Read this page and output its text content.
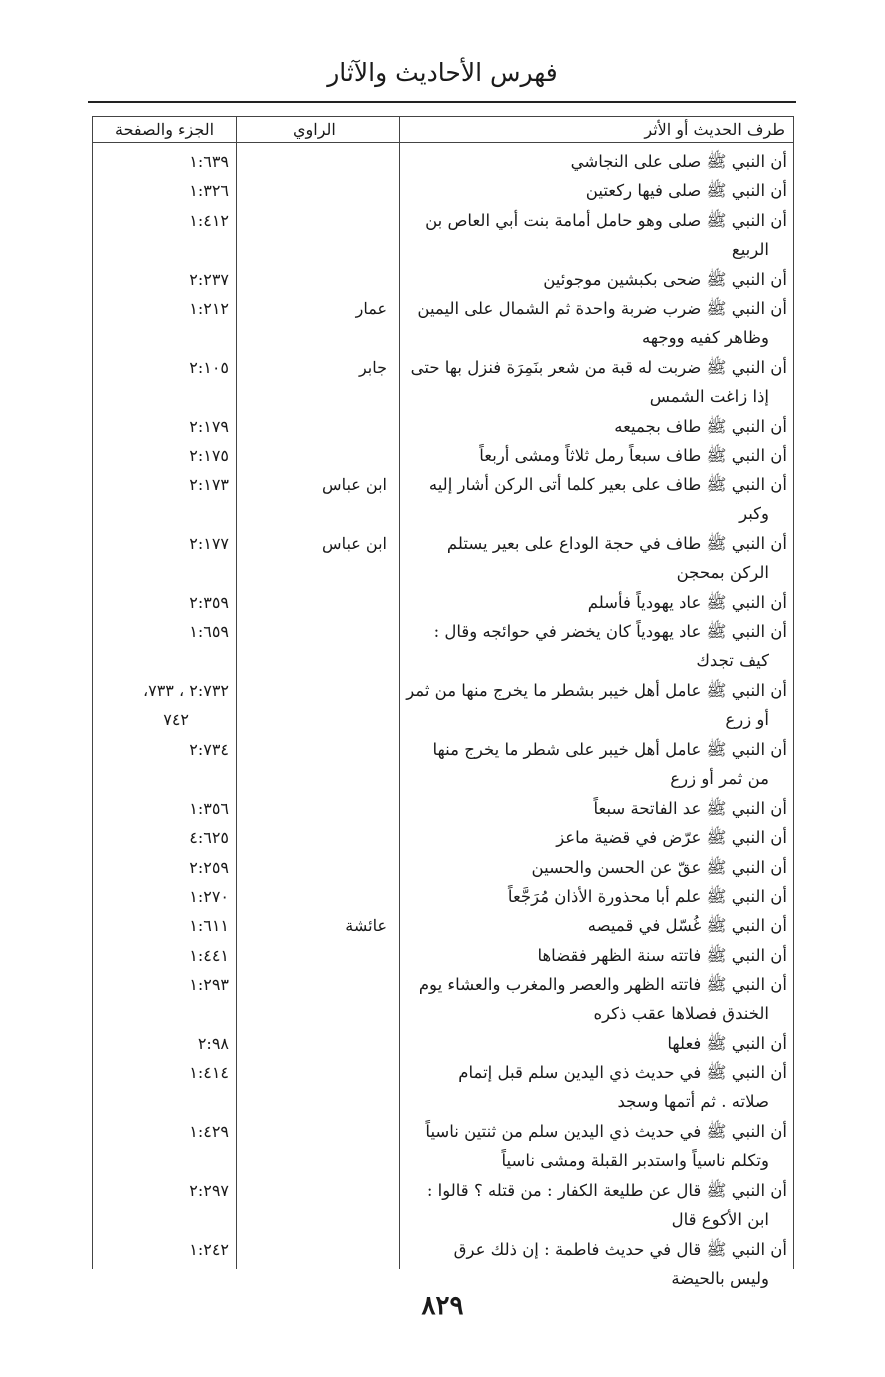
فهرس الأحاديث والآثار
طرف الحديث أو الأثر
الراوي
الجزء والصفحة
أن النبي ﷺ صلى على النجاشي
١:٦٣٩
أن النبي ﷺ صلى فيها ركعتين
١:٣٢٦
أن النبي ﷺ صلى وهو حامل أمامة بنت أبي العاص بن
الربيع
١:٤١٢
أن النبي ﷺ ضحى بكبشين موجوئين
٢:٢٣٧
أن النبي ﷺ ضرب ضربة واحدة ثم الشمال على اليمين
وظاهر كفيه ووجهه
عمار
١:٢١٢
أن النبي ﷺ ضربت له قبة من شعر بنَمِرَة فنزل بها حتى
إذا زاغت الشمس
جابر
٢:١٠٥
أن النبي ﷺ طاف بجميعه
٢:١٧٩
أن النبي ﷺ طاف سبعاً رمل ثلاثاً ومشى أربعاً
٢:١٧٥
أن النبي ﷺ طاف على بعير كلما أتى الركن أشار إليه
وكبر
ابن عباس
٢:١٧٣
أن النبي ﷺ طاف في حجة الوداع على بعير يستلم
الركن بمحجن
ابن عباس
٢:١٧٧
أن النبي ﷺ عاد يهودياً فأسلم
٢:٣٥٩
أن النبي ﷺ عاد يهودياً كان يخضر في حوائجه وقال :
كيف تجدك
١:٦٥٩
أن النبي ﷺ عامل أهل خيبر بشطر ما يخرج منها من ثمر
أو زرع
٢:٧٣٢ ، ٧٣٣،
٧٤٢
أن النبي ﷺ عامل أهل خيبر على شطر ما يخرج منها
من ثمر أو زرع
٢:٧٣٤
أن النبي ﷺ عد الفاتحة سبعاً
١:٣٥٦
أن النبي ﷺ عرّض في قضية ماعز
٤:٦٢٥
أن النبي ﷺ عقّ عن الحسن والحسين
٢:٢٥٩
أن النبي ﷺ علم أبا محذورة الأذان مُرَجَّعاً
١:٢٧٠
أن النبي ﷺ غُسّل في قميصه
عائشة
١:٦١١
أن النبي ﷺ فاتته سنة الظهر فقضاها
١:٤٤١
أن النبي ﷺ فاتته الظهر والعصر والمغرب والعشاء يوم
الخندق فصلاها عقب ذكره
١:٢٩٣
أن النبي ﷺ فعلها
٢:٩٨
أن النبي ﷺ في حديث ذي اليدين سلم قبل إتمام
صلاته . ثم أتمها وسجد
١:٤١٤
أن النبي ﷺ في حديث ذي اليدين سلم من ثنتين ناسياً
وتكلم ناسياً واستدبر القبلة ومشى ناسياً
١:٤٢٩
أن النبي ﷺ قال عن طليعة الكفار : من قتله ؟ قالوا :
ابن الأكوع قال
٢:٢٩٧
أن النبي ﷺ قال في حديث فاطمة : إن ذلك عرق
وليس بالحيضة
١:٢٤٢
٨٢٩
